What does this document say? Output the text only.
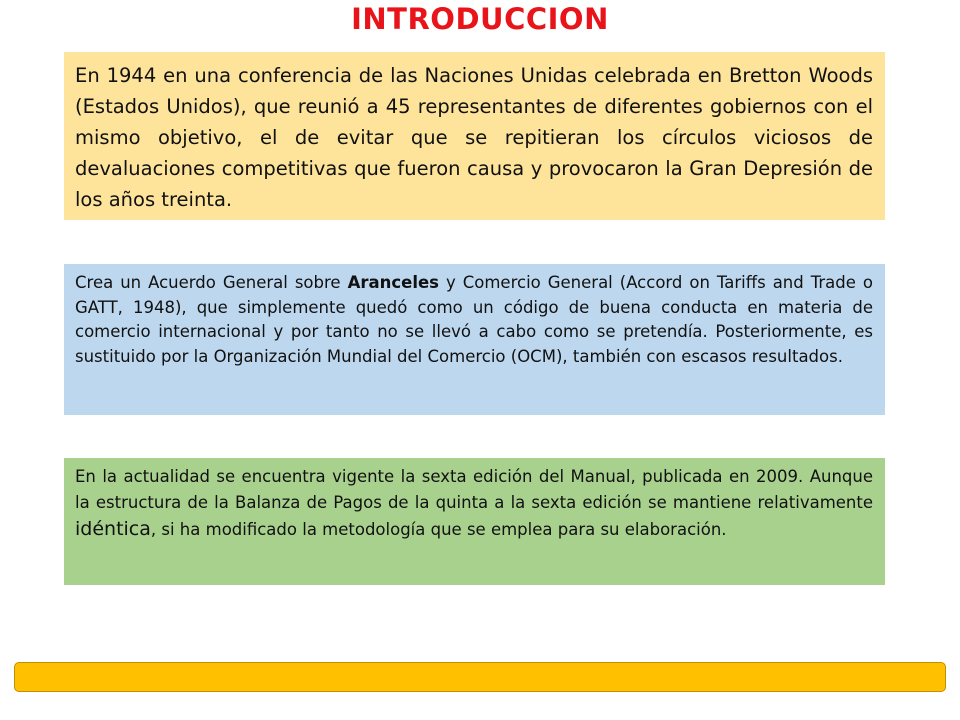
INTRODUCCION
En 1944 en una conferencia de las Naciones Unidas celebrada en Bretton Woods (Estados Unidos), que reunió a 45 representantes de diferentes gobiernos con el mismo objetivo, el de evitar que se repitieran los círculos viciosos de devaluaciones competitivas que fueron causa y provocaron la Gran Depresión de los años treinta.
Crea un Acuerdo General sobre Aranceles y Comercio General (Accord on Tariffs and Trade o GATT, 1948), que simplemente quedó como un código de buena conducta en materia de comercio internacional y por tanto no se llevó a cabo como se pretendía. Posteriormente, es sustituido por la Organización Mundial del Comercio (OCM), también con escasos resultados.
En la actualidad se encuentra vigente la sexta edición del Manual, publicada en 2009. Aunque la estructura de la Balanza de Pagos de la quinta a la sexta edición se mantiene relativamente idéntica, si ha modificado la metodología que se emplea para su elaboración.
